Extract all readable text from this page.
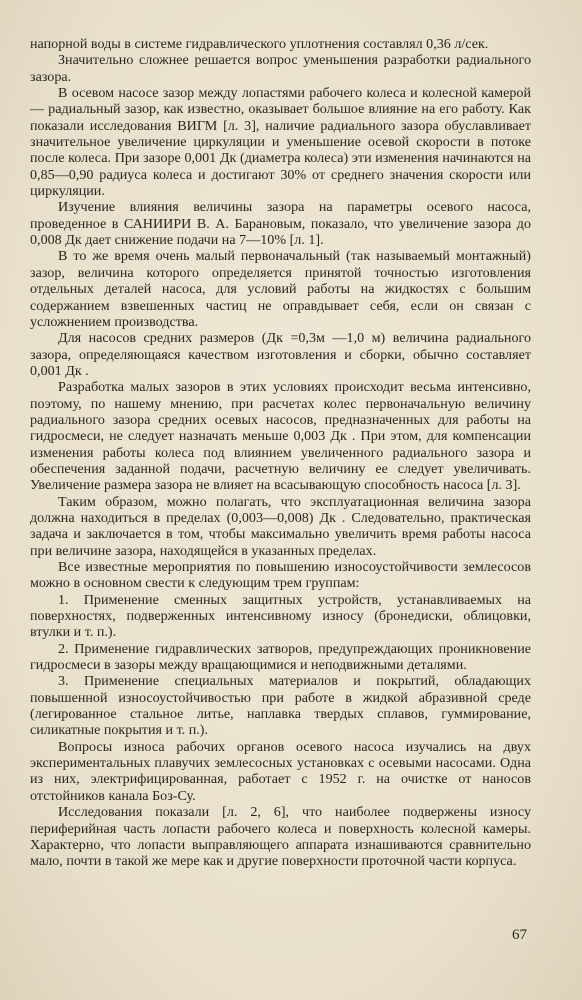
напорной воды в системе гидравлического уплотнения составлял 0,36 л/сек.

Значительно сложнее решается вопрос уменьшения разработки радиального зазора.

В осевом насосе зазор между лопастями рабочего колеса и колесной камерой — радиальный зазор, как известно, оказывает большое влияние на его работу. Как показали исследования ВИГМ [л. 3], наличие радиального зазора обуславливает значительное увеличение циркуляции и уменьшение осевой скорости в потоке после колеса. При зазоре 0,001 Дк (диаметра колеса) эти изменения начинаются на 0,85—0,90 радиуса колеса и достигают 30% от среднего значения скорости или циркуляции.

Изучение влияния величины зазора на параметры осевого насоса, проведенное в САНИИРИ В. А. Барановым, показало, что увеличение зазора до 0,008 Дк дает снижение подачи на 7—10% [л. 1].

В то же время очень малый первоначальный (так называемый монтажный) зазор, величина которого определяется принятой точностью изготовления отдельных деталей насоса, для условий работы на жидкостях с большим содержанием взвешенных частиц не оправдывает себя, если он связан с усложнением производства.

Для насосов средних размеров (Дк =0,3м —1,0 м) величина радиального зазора, определяющаяся качеством изготовления и сборки, обычно составляет 0,001 Дк .

Разработка малых зазоров в этих условиях происходит весьма интенсивно, поэтому, по нашему мнению, при расчетах колес первоначальную величину радиального зазора средних осевых насосов, предназначенных для работы на гидросмеси, не следует назначать меньше 0,003 Дк . При этом, для компенсации изменения работы колеса под влиянием увеличенного радиального зазора и обеспечения заданной подачи, расчетную величину ее следует увеличивать. Увеличение размера зазора не влияет на всасывающую способность насоса [л. 3].

Таким образом, можно полагать, что эксплуатационная величина зазора должна находиться в пределах (0,003—0,008) Дк . Следовательно, практическая задача и заключается в том, чтобы максимально увеличить время работы насоса при величине зазора, находящейся в указанных пределах.

Все известные мероприятия по повышению износоустойчивости землесосов можно в основном свести к следующим трем группам:

1. Применение сменных защитных устройств, устанавливаемых на поверхностях, подверженных интенсивному износу (бронедиски, облицовки, втулки и т. п.).

2. Применение гидравлических затворов, предупреждающих проникновение гидросмеси в зазоры между вращающимися и неподвижными деталями.

3. Применение специальных материалов и покрытий, обладающих повышенной износоустойчивостью при работе в жидкой абразивной среде (легированное стальное литье, наплавка твердых сплавов, гуммирование, силикатные покрытия и т. п.).

Вопросы износа рабочих органов осевого насоса изучались на двух экспериментальных плавучих землесосных установках с осевыми насосами. Одна из них, электрифицированная, работает с 1952 г. на очистке от наносов отстойников канала Боз-Су.

Исследования показали [л. 2, 6], что наиболее подвержены износу периферийная часть лопасти рабочего колеса и поверхность колесной камеры. Характерно, что лопасти выправляющего аппарата изнашиваются сравнительно мало, почти в такой же мере как и другие поверхности проточной части корпуса.

67
